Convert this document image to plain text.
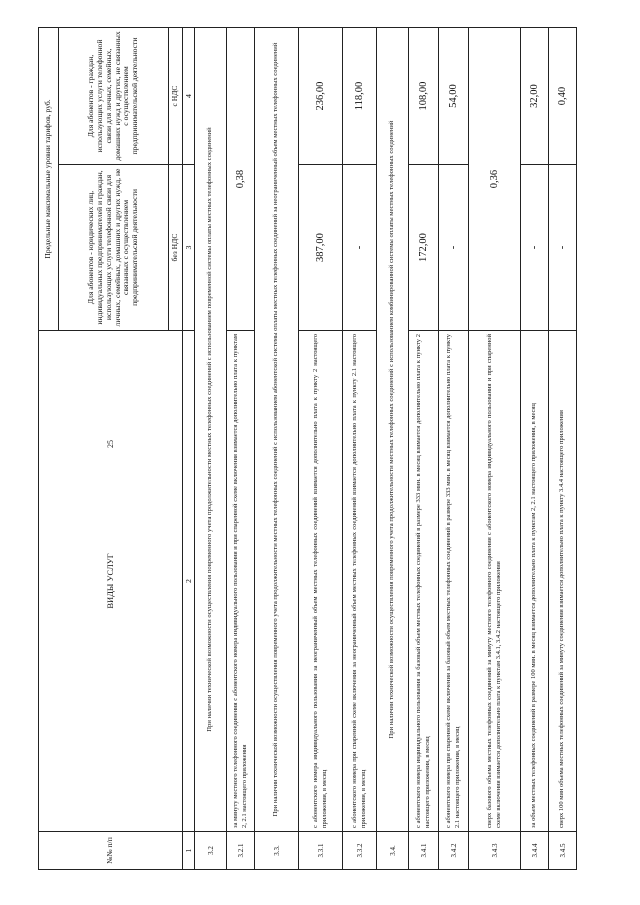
25
№№ п/п	ВИДЫ УСЛУГ	Предельные максимальные уровни тарифов, руб.	
		Для абонентов - юридических лиц, индивидуальных предпринимателей и граждан, использующих услуги телефонной связи для личных, семейных, домашних и других нужд, не связанных с осуществлением предпринимательской деятельности	Для абонентов - граждан, использующих услуги телефонной связи для личных, семейных, домашних нужд и других, не связанных с осуществлением предпринимательской деятельности
		без НДС	с НДС
1	2	3	4
3.2	При наличии технической возможности осуществления повременного учета продолжительности местных телефонных соединений с использованием повременной системы оплаты местных телефонных соединений		
3.2.1	за минуту местного телефонного соединения с абонентского номера индивидуального пользования и при спаренной схеме включения взимается дополнительно плата к пунктам 2, 2.1 настоящего приложения	0,38	
3.3.	При наличии технической возможности осуществления повременного учета продолжительности местных телефонных соединений с использованием абонентской системы оплаты местных телефонных соединений за неограниченный объем местных телефонных соединений		
3.3.1	с абонентского номера индивидуального пользования за неограниченный объем местных телефонных соединений взимается дополнительно плата к пункту 2 настоящего приложения, в месяц	387,00	236,00
3.3.2	с абонентского номера при спаренной схеме включения за неограниченный объем местных телефонных соединений взимается дополнительно плата к пункту 2.1 настоящего приложения, в месяц	-	118,00
3.4.	При наличии технической возможности осуществления повременного учета продолжительности местных телефонных соединений с использованием комбинированной системы оплаты местных телефонных соединений		
3.4.1	с абонентского номера индивидуального пользования за базовый объем местных телефонных соединений в размере 333 мин. в месяц взимается дополнительно плата к пункту 2 настоящего приложения, в месяц	172,00	108,00
3.4.2	с абонентского номера при спаренной схеме включения за базовый объем местных телефонных соединений в размере 333 мин. в месяц взимается дополнительно плата к пункту 2.1 настоящего приложения, в месяц	-	54,00
3.4.3	сверх базового объема местных телефонных соединений за минуту местного телефонного соединения с абонентского номера индивидуального пользования и при спаренной схеме включения взимается дополнительно плата к пунктам 3.4.1, 3.4.2 настоящего приложения	0,36	
3.4.4	за объем местных телефонных соединений в размере 100 мин. в месяц взимается дополнительно плата к пунктам 2, 2.1 настоящего приложения, в месяц	-	32,00
3.4.5	сверх 100 мин объема местных телефонных соединений за минуту соединения взимается дополнительно плата к пункту 3.4.4 настоящего приложения	-	0,40
